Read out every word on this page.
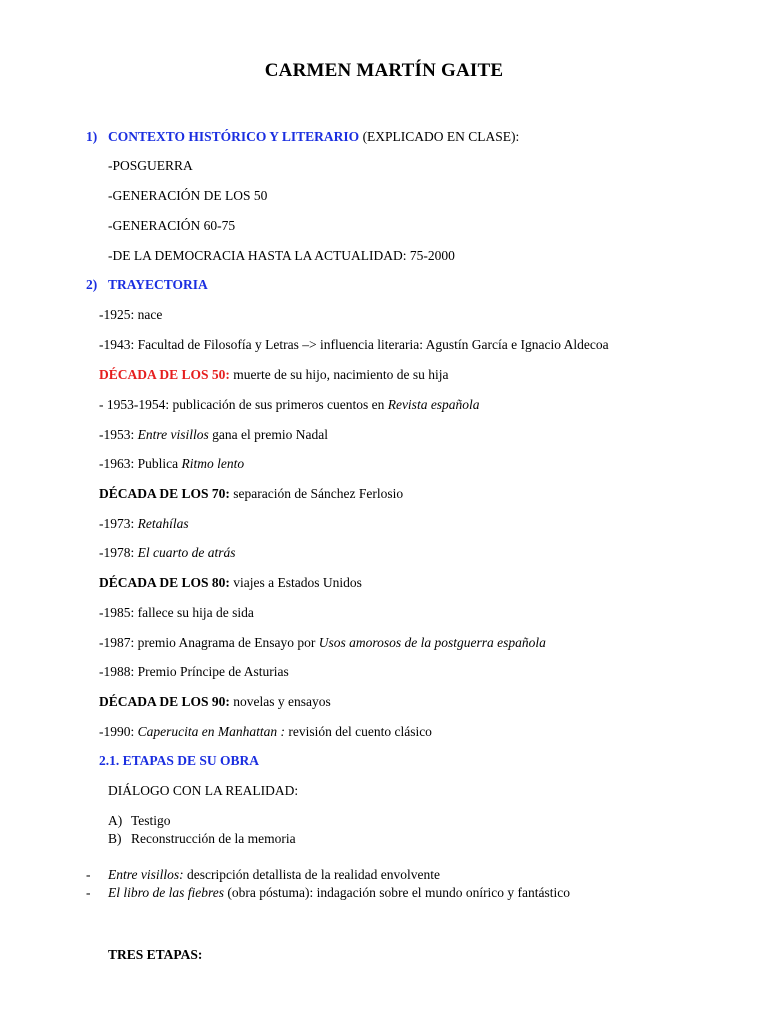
CARMEN MARTÍN GAITE
1) CONTEXTO HISTÓRICO Y LITERARIO (EXPLICADO EN CLASE):
-POSGUERRA
-GENERACIÓN DE LOS 50
-GENERACIÓN 60-75
-DE LA DEMOCRACIA HASTA LA ACTUALIDAD: 75-2000
2) TRAYECTORIA
-1925: nace
-1943: Facultad de Filosofía y Letras –> influencia literaria: Agustín García e Ignacio Aldecoa
DÉCADA DE LOS 50: muerte de su hijo, nacimiento de su hija
- 1953-1954: publicación de sus primeros cuentos en Revista española
-1953: Entre visillos gana el premio Nadal
-1963: Publica Ritmo lento
DÉCADA DE LOS 70: separación de Sánchez Ferlosio
-1973: Retahílas
-1978: El cuarto de atrás
DÉCADA DE LOS 80: viajes a Estados Unidos
-1985: fallece su hija de sida
-1987: premio Anagrama de Ensayo por Usos amorosos de la postguerra española
-1988: Premio Príncipe de Asturias
DÉCADA DE LOS 90: novelas y ensayos
-1990: Caperucita en Manhattan : revisión del cuento clásico
2.1. ETAPAS DE SU OBRA
DIÁLOGO CON LA REALIDAD:
A) Testigo
B) Reconstrucción de la memoria
- Entre visillos: descripción detallista de la realidad envolvente
- El libro de las fiebres (obra póstuma): indagación sobre el mundo onírico y fantástico
TRES ETAPAS:
